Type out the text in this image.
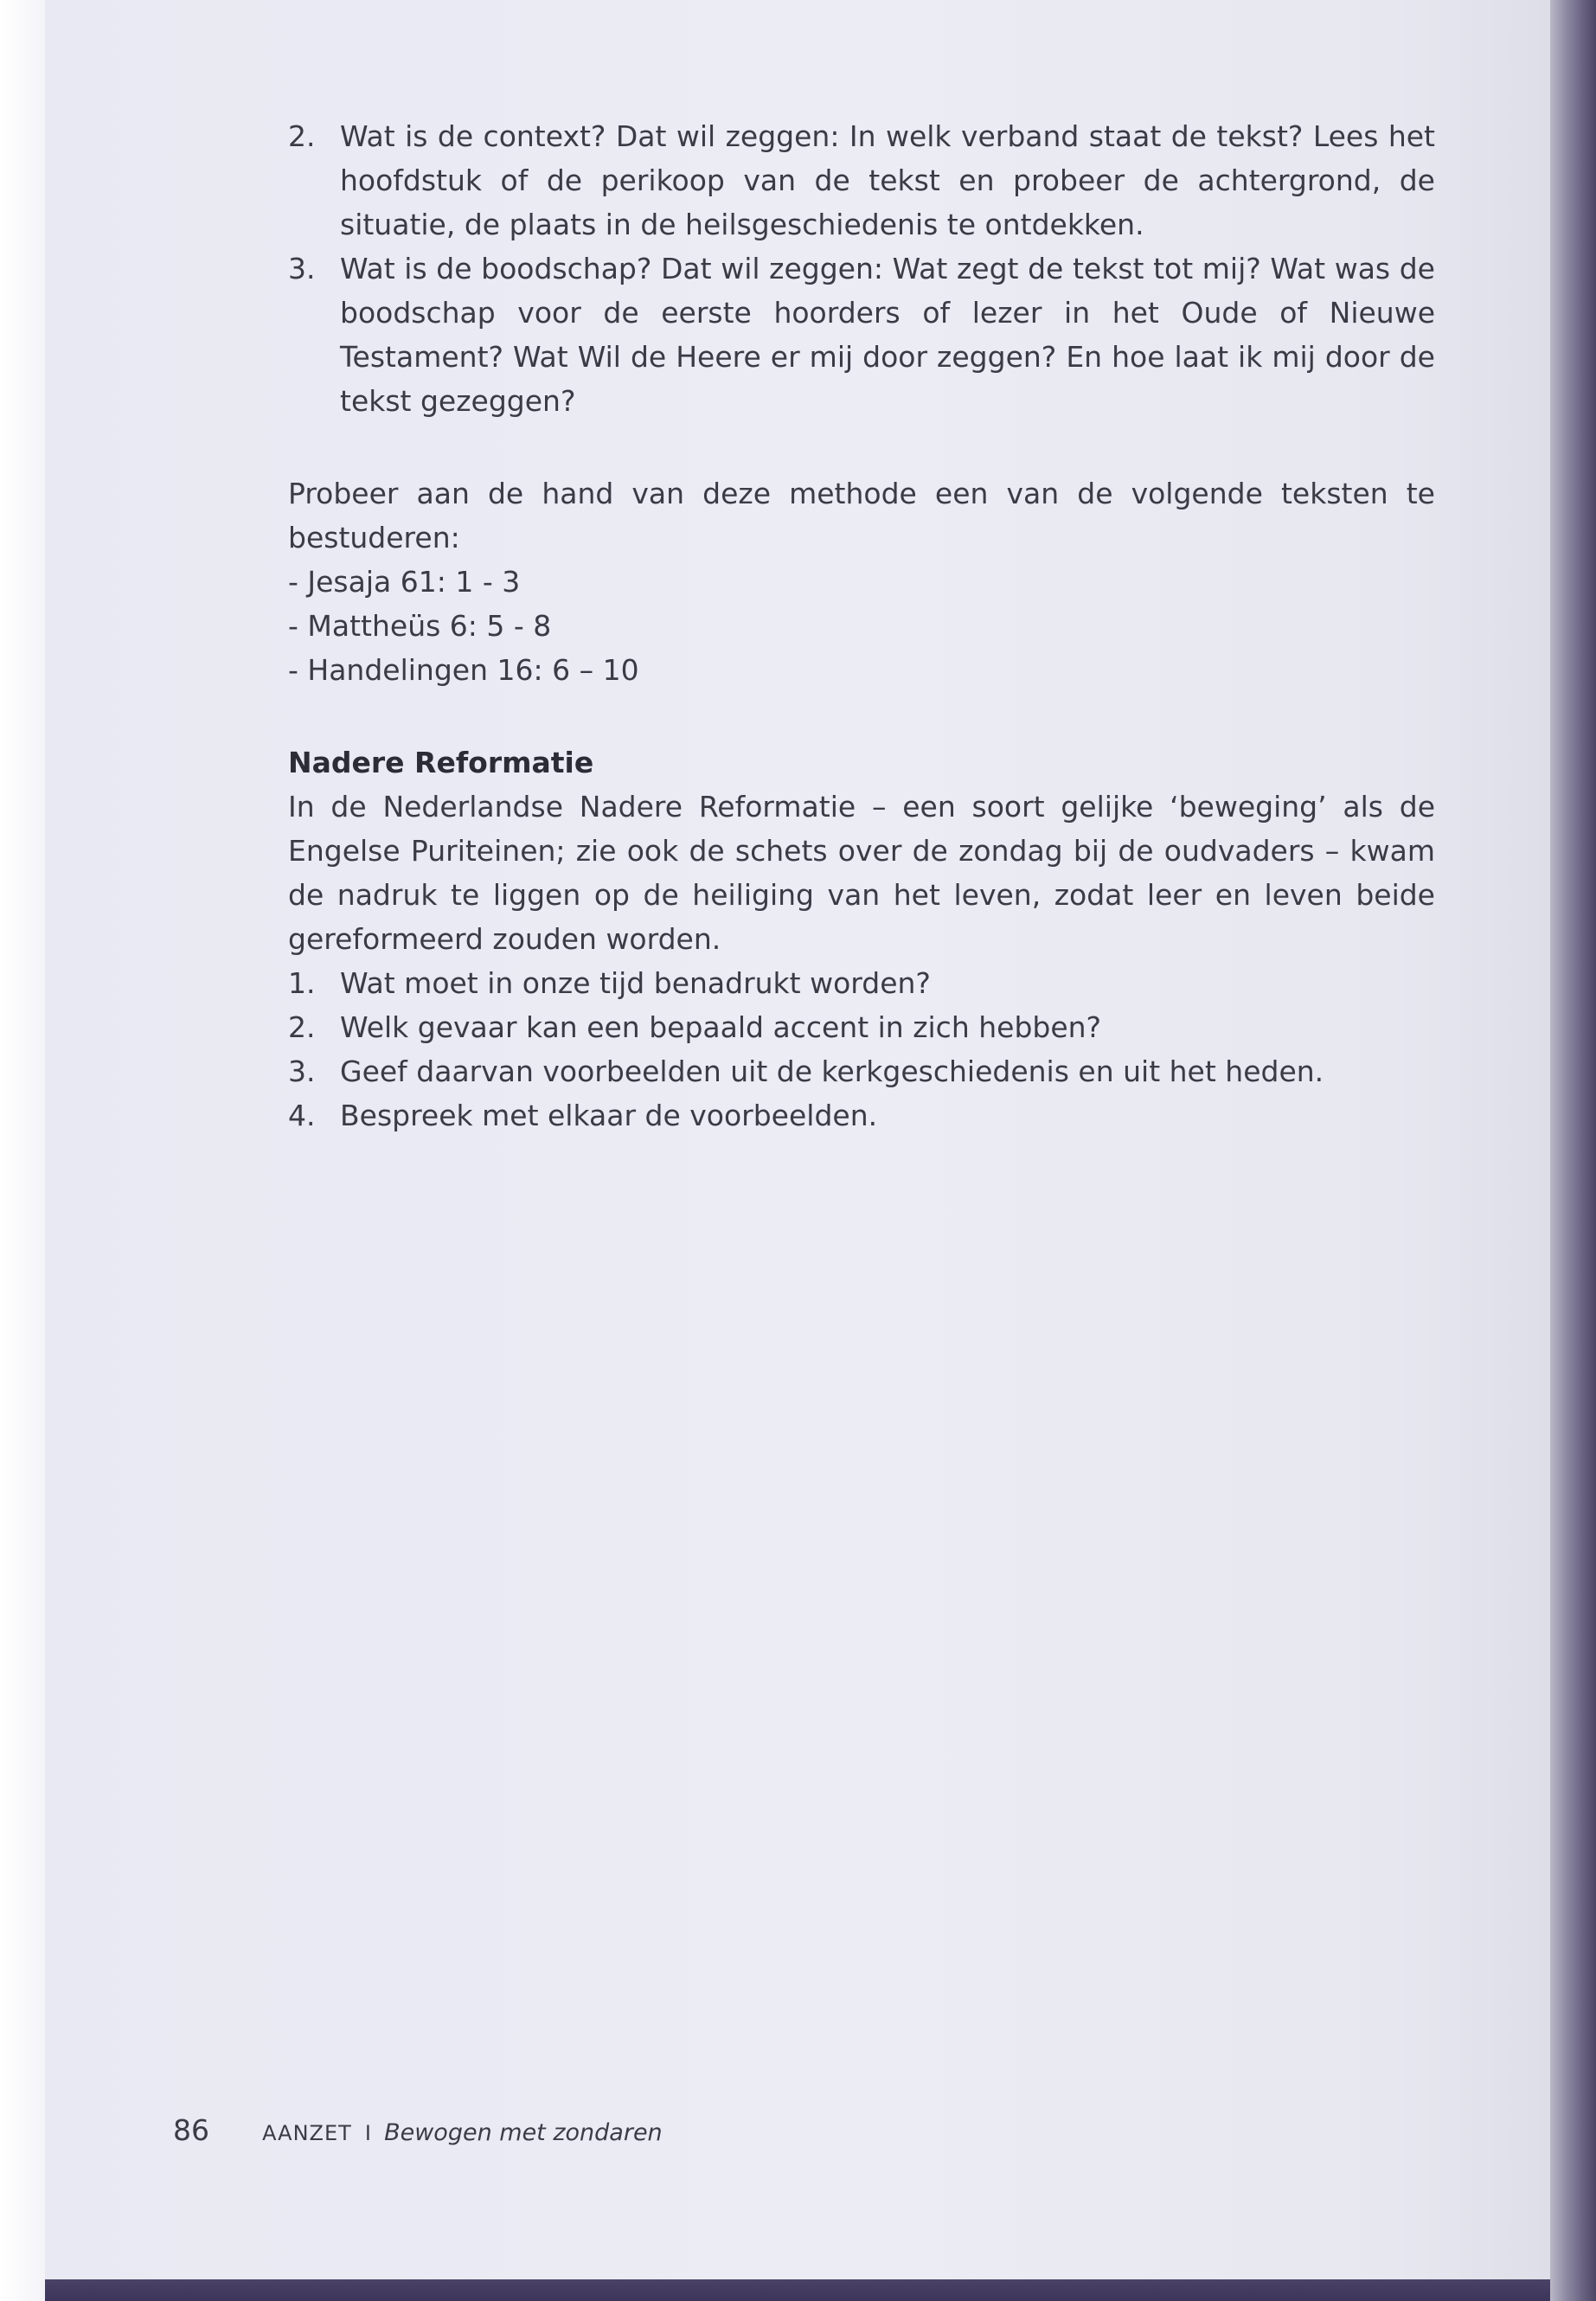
2. Wat is de context? Dat wil zeggen: In welk verband staat de tekst? Lees het hoofdstuk of de perikoop van de tekst en probeer de achtergrond, de situatie, de plaats in de heilsgeschiedenis te ontdekken.
3. Wat is de boodschap? Dat wil zeggen: Wat zegt de tekst tot mij? Wat was de boodschap voor de eerste hoorders of lezer in het Oude of Nieuwe Testament? Wat Wil de Heere er mij door zeggen? En hoe laat ik mij door de tekst gezeggen?

Probeer aan de hand van deze methode een van de volgende teksten te bestuderen:

- Jesaja 61: 1 - 3

- Mattheüs 6: 5 - 8

- Handelingen 16: 6 – 10

Nadere Reformatie

In de Nederlandse Nadere Reformatie – een soort gelijke ‘beweging’ als de Engelse Puriteinen; zie ook de schets over de zondag bij de oudvaders – kwam de nadruk te liggen op de heiliging van het leven, zodat leer en leven beide gereformeerd zouden worden.

1. Wat moet in onze tijd benadrukt worden?
2. Welk gevaar kan een bepaald accent in zich hebben?
3. Geef daarvan voorbeelden uit de kerkgeschiedenis en uit het heden.
4. Bespreek met elkaar de voorbeelden.
86	AANZET I Bewogen met zondaren
